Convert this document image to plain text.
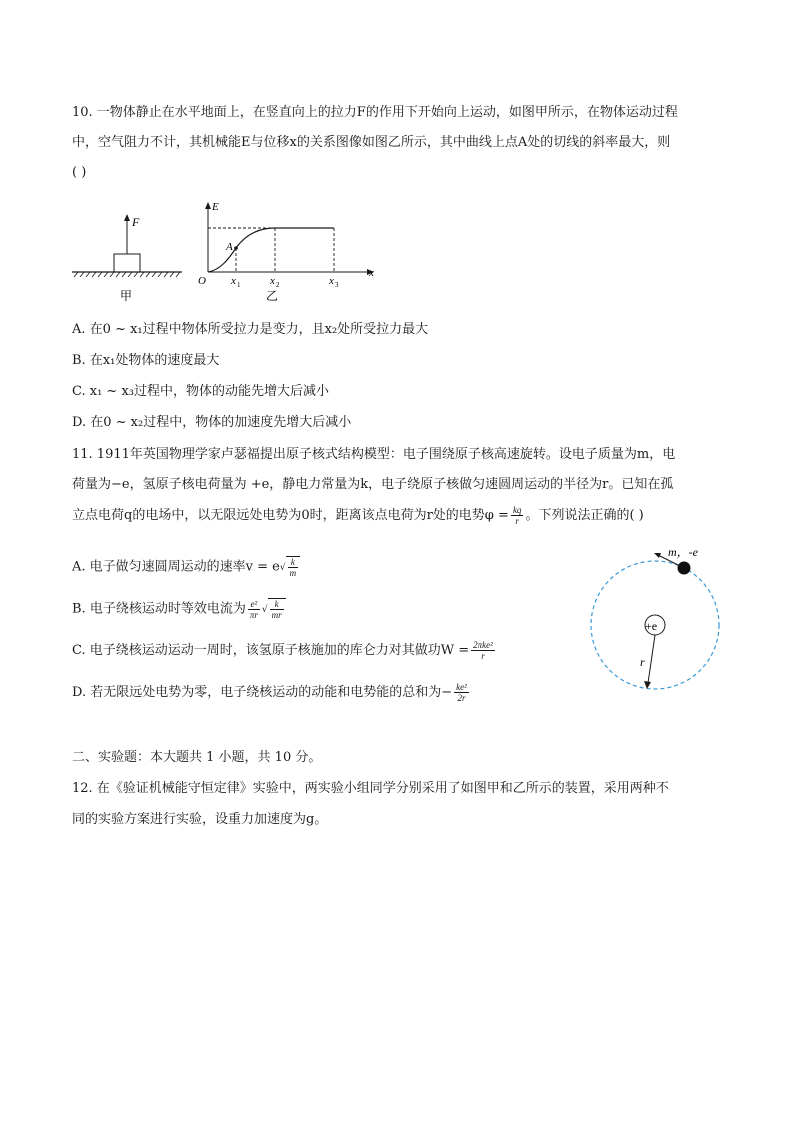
10. 一物体静止在水平地面上，在竖直向上的拉力F的作用下开始向上运动，如图甲所示，在物体运动过程
中，空气阻力不计，其机械能E与位移x的关系图像如图乙所示，其中曲线上点A处的切线的斜率最大，则
( )
F
甲
E
x
O
A
x 1	x 2	x 3
乙
A. 在0 ~ x₁过程中物体所受拉力是变力，且x₂处所受拉力最大
B. 在x₁处物体的速度最大
C. x₁ ~ x₃过程中，物体的动能先增大后减小
D. 在0 ~ x₂过程中，物体的加速度先增大后减小
11. 1911年英国物理学家卢瑟福提出原子核式结构模型：电子围绕原子核高速旋转。设电子质量为m，电
荷量为−e，氢原子核电荷量为 +e，静电力常量为k，电子绕原子核做匀速圆周运动的半径为r。已知在孤
立点电荷q的电场中，以无限远处电势为0时，距离该点电荷为r处的电势$\varphi = \frac{kq}{r}$ 。下列说法正确的( )
A. 电子做匀速圆周运动的速率$v = e√ \frac{k}{m}$
B. 电子绕核运动时等效电流为 $\frac{\text{e²}}{\pi r}$ √ $\frac{k}{mr}$
C. 电子绕核运动运动一周时，该氢原子核施加的库仑力对其做功$W = \frac{\text{2πke²}}{r}$
D. 若无限远处电势为零，电子绕核运动的动能和电势能的总和为− $\frac{\text{ke²}}{2r}$
+e
m，-e
r
二、实验题：本大题共 1 小题，共 10 分。
12. 在《验证机械能守恒定律》实验中，两实验小组同学分别采用了如图甲和乙所示的装置，采用两种不
同的实验方案进行实验，设重力加速度为g。
